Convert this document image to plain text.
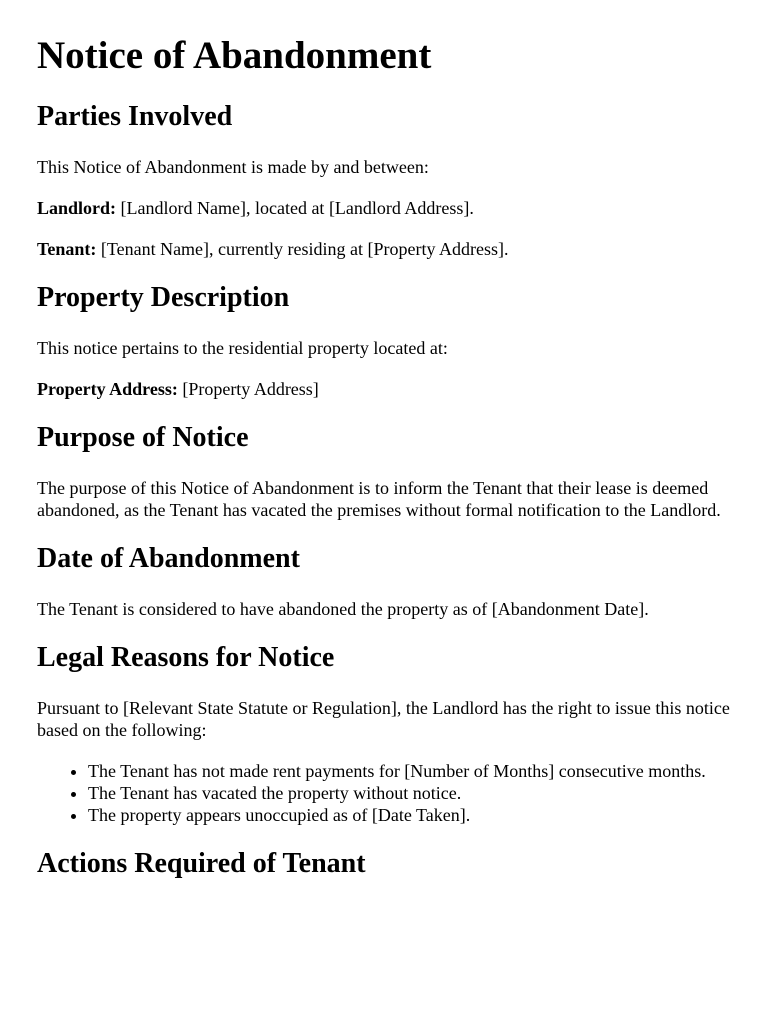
Notice of Abandonment
Parties Involved

This Notice of Abandonment is made by and between:

Landlord: [Landlord Name], located at [Landlord Address].

Tenant: [Tenant Name], currently residing at [Property Address].

Property Description

This notice pertains to the residential property located at:

Property Address: [Property Address]

Purpose of Notice

The purpose of this Notice of Abandonment is to inform the Tenant that their lease is deemed abandoned, as the Tenant has vacated the premises without formal notification to the Landlord.

Date of Abandonment

The Tenant is considered to have abandoned the property as of [Abandonment Date].

Legal Reasons for Notice

Pursuant to [Relevant State Statute or Regulation], the Landlord has the right to issue this notice based on the following:

• The Tenant has not made rent payments for [Number of Months] consecutive months.
• The Tenant has vacated the property without notice.
• The property appears unoccupied as of [Date Taken].
Actions Required of Tenant
